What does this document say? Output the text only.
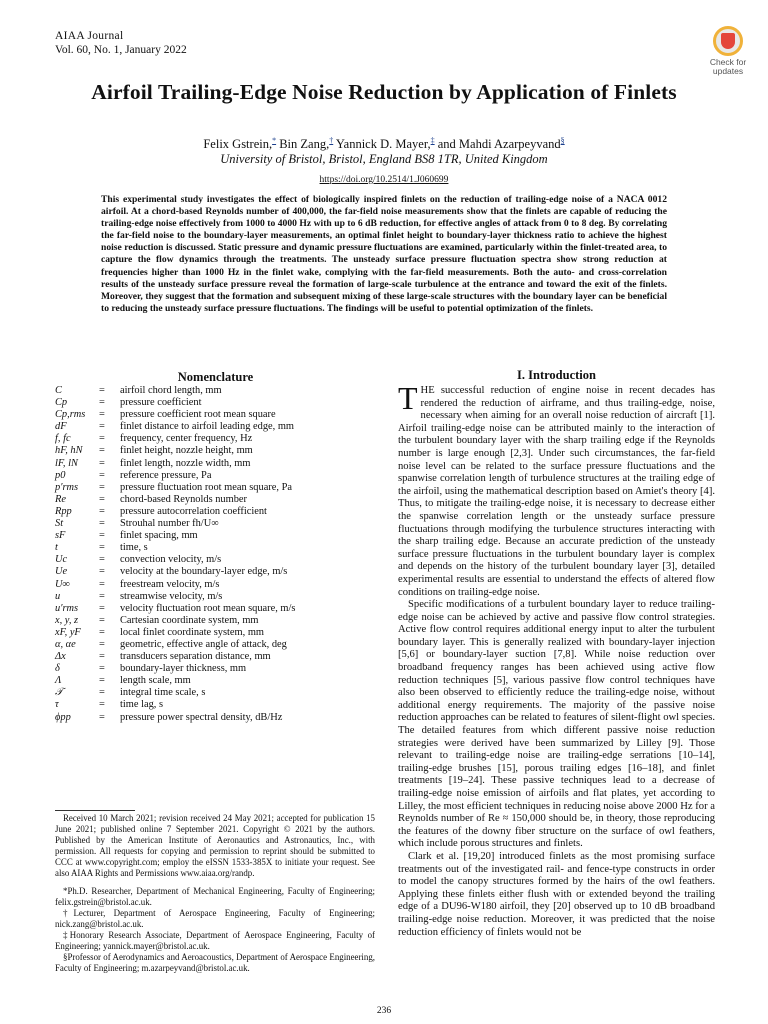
AIAA Journal
Vol. 60, No. 1, January 2022
Check for
updates
Airfoil Trailing-Edge Noise Reduction by Application of Finlets
Felix Gstrein,* Bin Zang,† Yannick D. Mayer,‡ and Mahdi Azarpeyvand§
University of Bristol, Bristol, England BS8 1TR, United Kingdom
https://doi.org/10.2514/1.J060699
This experimental study investigates the effect of biologically inspired finlets on the reduction of trailing-edge noise of a NACA 0012 airfoil. At a chord-based Reynolds number of 400,000, the far-field noise measurements show that the finlets are capable of reducing the trailing-edge noise effectively from 1000 to 4000 Hz with up to 6 dB reduction, for effective angles of attack from 0 to 8 deg. By correlating the far-field noise to the boundary-layer measurements, an optimal finlet height to boundary-layer thickness ratio to achieve the highest noise reduction is discussed. Static pressure and dynamic pressure fluctuations are examined, particularly within the finlet-treated area, to capture the flow dynamics through the treatments. The unsteady surface pressure fluctuation spectra show strong reduction at frequencies higher than 1000 Hz in the finlet wake, complying with the far-field measurements. Both the auto- and cross-correlation results of the unsteady surface pressure reveal the formation of large-scale turbulence at the entrance and toward the exit of the finlets. Moreover, they suggest that the formation and subsequent mixing of these large-scale structures with the boundary layer can be beneficial to reducing the unsteady surface pressure fluctuations. The findings will be useful to potential optimization of the finlets.
Nomenclature
C	= airfoil chord length, mm
Cp	= pressure coefficient
Cp,rms = pressure coefficient root mean square
dF	= finlet distance to airfoil leading edge, mm
f, fc	= frequency, center frequency, Hz
hF, hN = finlet height, nozzle height, mm
lF, lN = finlet length, nozzle width, mm
p0	= reference pressure, Pa
p′rms = pressure fluctuation root mean square, Pa
Re	= chord-based Reynolds number
Rpp	= pressure autocorrelation coefficient
St	= Strouhal number fh/U∞
sF	= finlet spacing, mm
t	= time, s
Uc	= convection velocity, m/s
Ue	= velocity at the boundary-layer edge, m/s
U∞	= freestream velocity, m/s
u	= streamwise velocity, m/s
u′rms = velocity fluctuation root mean square, m/s
x, y, z = Cartesian coordinate system, mm
xF, yF = local finlet coordinate system, mm
α, αe = geometric, effective angle of attack, deg
Δx	= transducers separation distance, mm
δ	= boundary-layer thickness, mm
Λ	= length scale, mm
𝒯	= integral time scale, s
τ	= time lag, s
ϕpp	= pressure power spectral density, dB/Hz

Received 10 March 2021; revision received 24 May 2021; accepted for publication 15 June 2021; published online 7 September 2021. Copyright © 2021 by the authors. Published by the American Institute of Aeronautics and Astronautics, Inc., with permission. All requests for copying and permission to reprint should be submitted to CCC at www.copyright.com; employ the eISSN 1533-385X to initiate your request. See also AIAA Rights and Permissions www.aiaa.org/randp.

*Ph.D. Researcher, Department of Mechanical Engineering, Faculty of Engineering; felix.gstrein@bristol.ac.uk.

†Lecturer, Department of Aerospace Engineering, Faculty of Engineering; nick.zang@bristol.ac.uk.

‡Honorary Research Associate, Department of Aerospace Engineering, Faculty of Engineering; yannick.mayer@bristol.ac.uk.

§Professor of Aerodynamics and Aeroacoustics, Department of Aerospace Engineering, Faculty of Engineering; m.azarpeyvand@bristol.ac.uk.

I. Introduction

THE successful reduction of engine noise in recent decades has rendered the reduction of airframe, and thus trailing-edge, noise, necessary when aiming for an overall noise reduction of aircraft [1]. Airfoil trailing-edge noise can be attributed mainly to the interaction of the turbulent boundary layer with the sharp trailing edge if the Reynolds number is large enough [2,3]. Under such circumstances, the far-field noise level can be related to the surface pressure fluctuations and the spanwise correlation length of turbulence structures at the trailing edge of the airfoil, using the mathematical description based on Amiet's theory [4]. Thus, to mitigate the trailing-edge noise, it is necessary to decrease either the spanwise correlation length or the unsteady surface pressure fluctuations through modifying the turbulence structures interacting with the sharp trailing edge. Because an accurate prediction of the unsteady surface pressure fluctuations in the turbulent boundary layer is complex and depends on the history of the turbulent boundary layer [3], detailed experimental results are essential to understand the effects of altered flow conditions on trailing-edge noise.

Specific modifications of a turbulent boundary layer to reduce trailing-edge noise can be achieved by active and passive flow control strategies. Active flow control requires additional energy input to alter the turbulent boundary layer. This is generally realized with boundary-layer injection [5,6] or boundary-layer suction [7,8]. While noise reduction over broadband frequency ranges has been achieved using active flow reduction techniques [5], various passive flow control techniques have also been observed to efficiently reduce the trailing-edge noise, without additional energy requirements. The majority of the passive noise reduction approaches can be related to features of silent-flight owl species. The detailed features from which different passive noise reduction strategies were derived have been summarized by Lilley [9]. Those relevant to trailing-edge noise are trailing-edge serrations [10–14], trailing-edge brushes [15], porous trailing edges [16–18], and finlet treatments [19–24]. These passive techniques lead to a decrease of trailing-edge noise emission of airfoils and flat plates, yet according to Lilley, the most efficient techniques in reducing noise above 2000 Hz for a Reynolds number of Re ≈ 150,000 should be, in theory, those reproducing the features of the downy fiber structure on the surface of owl feathers, which include porous structures and finlets.

Clark et al. [19,20] introduced finlets as the most promising surface treatments out of the investigated rail- and fence-type constructs in order to model the canopy structures formed by the hairs of the owl feathers. Applying these finlets either flush with or extended beyond the trailing edge of a DU96-W180 airfoil, they [20] observed up to 10 dB broadband trailing-edge noise reduction. Moreover, it was predicted that the noise reduction efficiency of finlets would not be

236
